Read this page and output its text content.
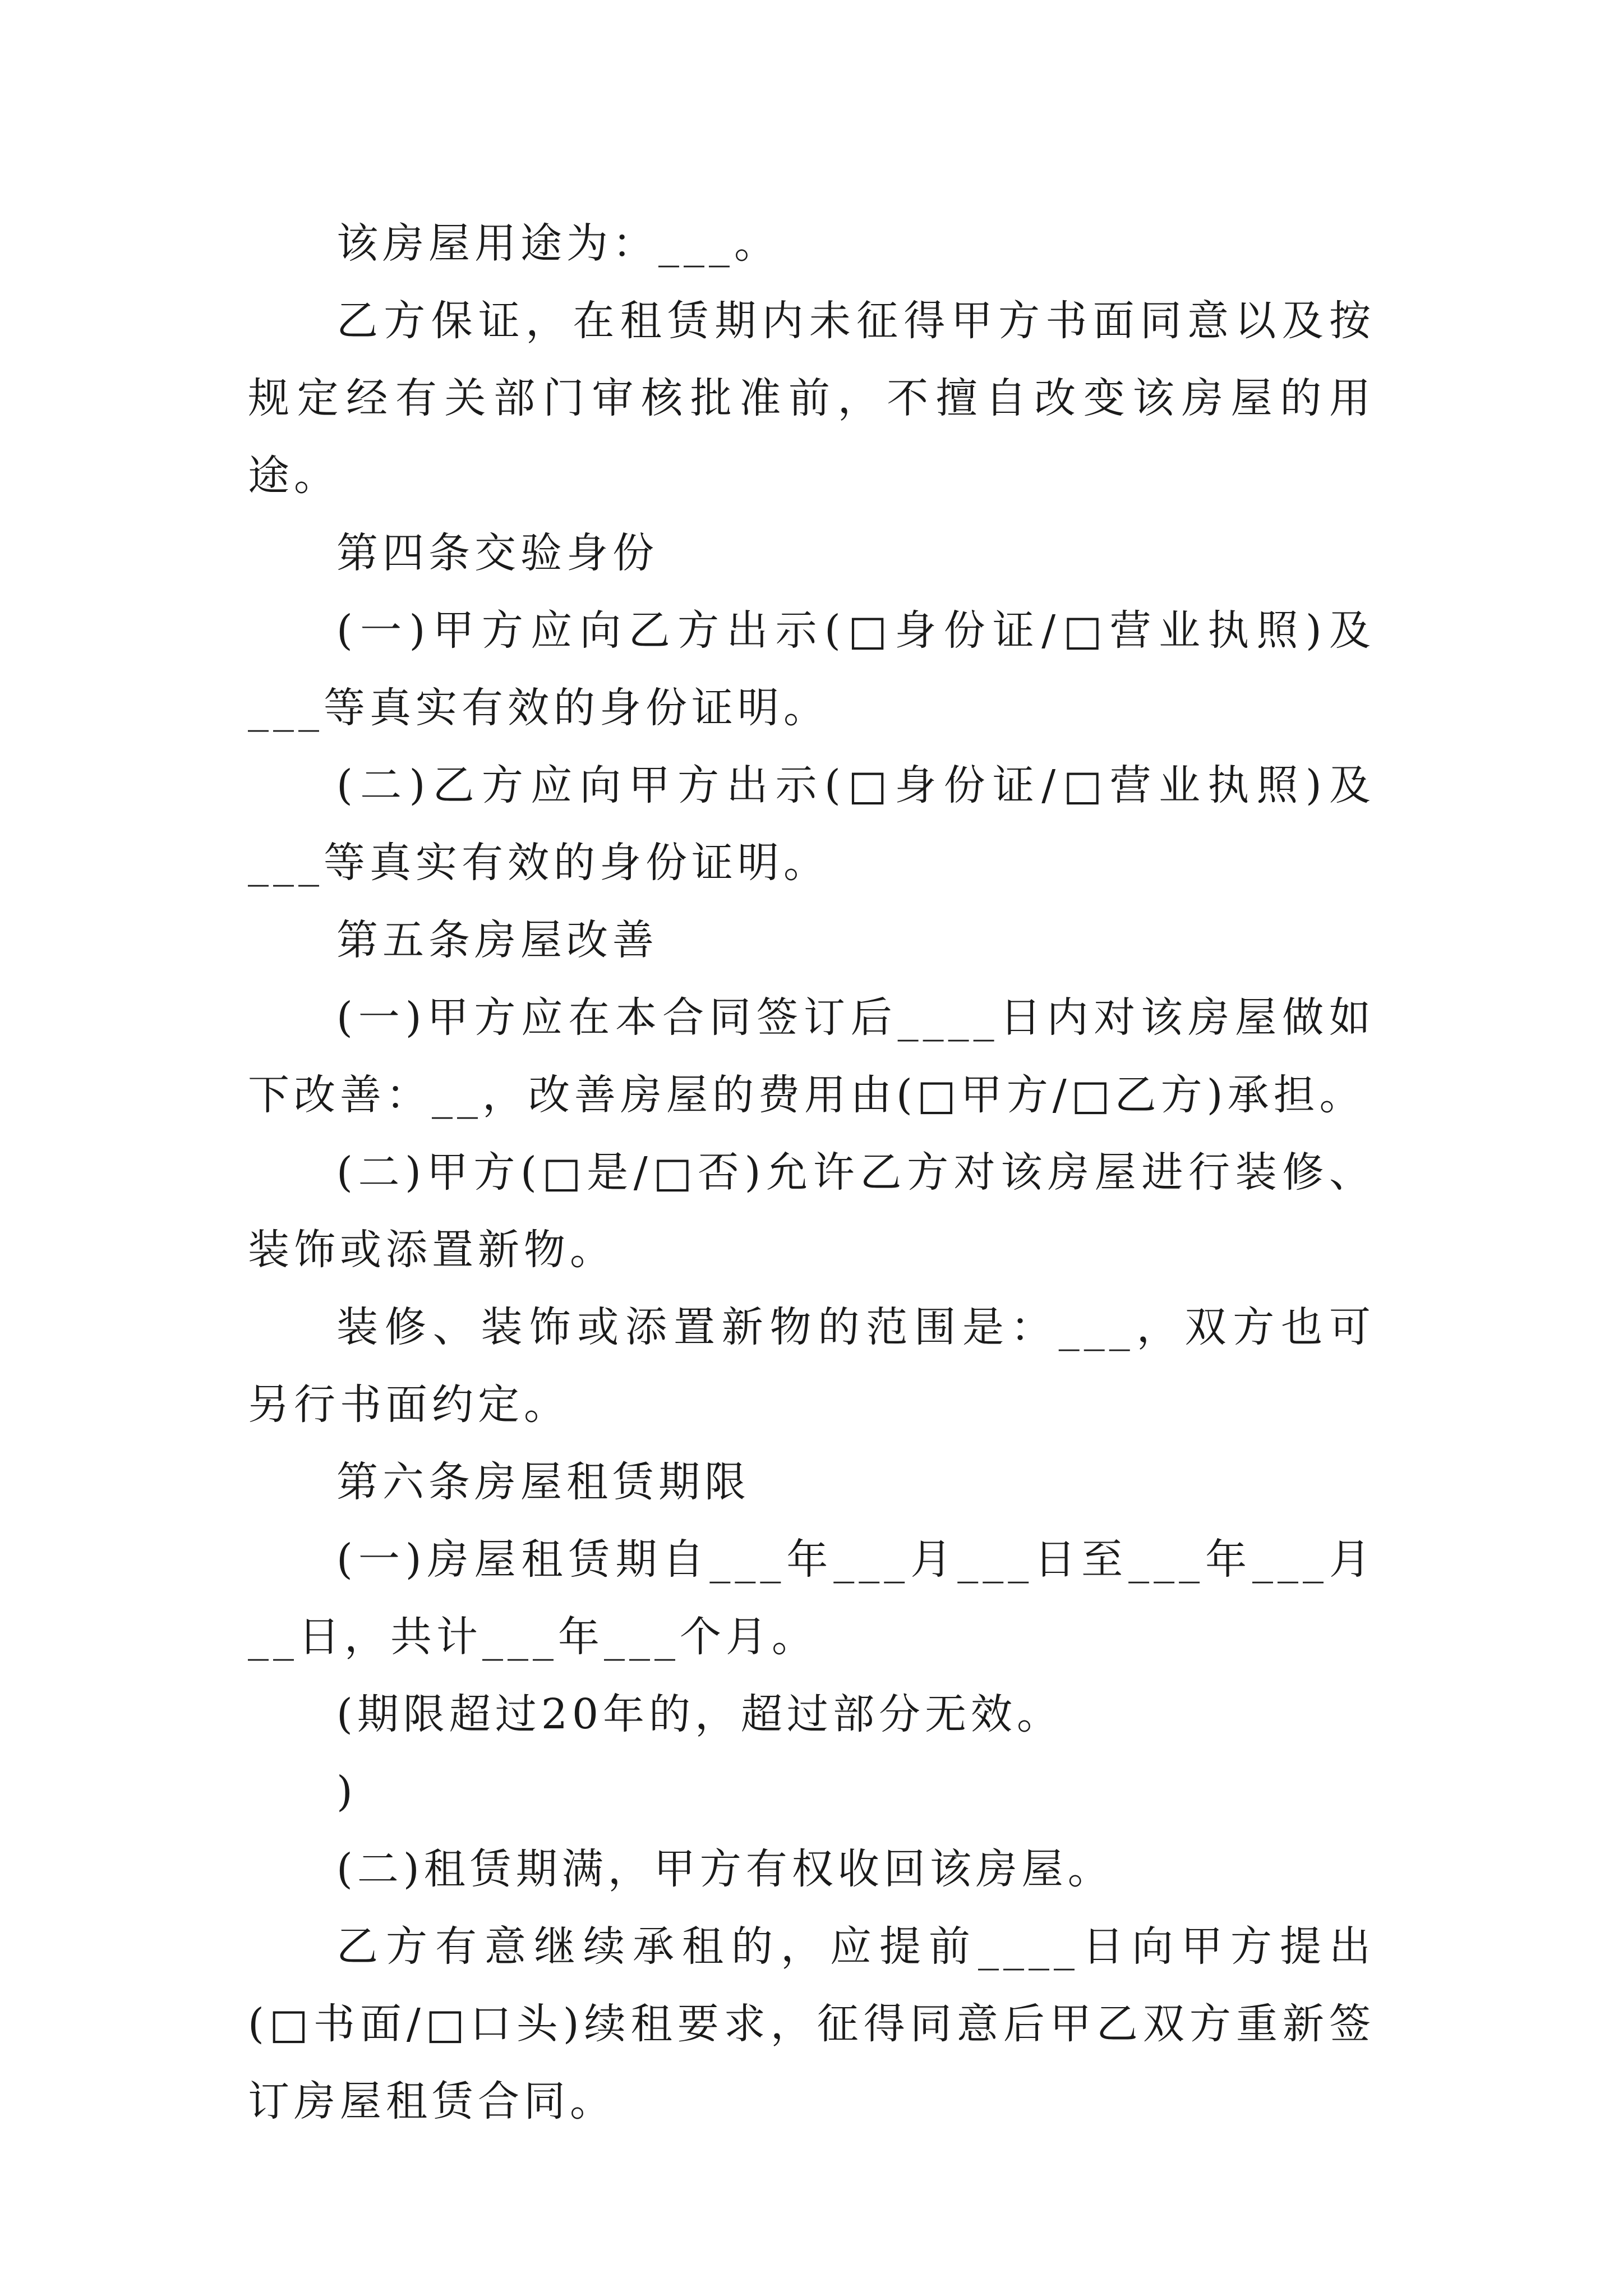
该房屋用途为：___。

乙方保证，在租赁期内未征得甲方书面同意以及按规定经有关部门审核批准前，不擅自改变该房屋的用途。

第四条交验身份

(一)甲方应向乙方出示(□身份证/□营业执照)及___等真实有效的身份证明。

(二)乙方应向甲方出示(□身份证/□营业执照)及___等真实有效的身份证明。

第五条房屋改善

(一)甲方应在本合同签订后____日内对该房屋做如下改善：__，改善房屋的费用由(□甲方/□乙方)承担。

(二)甲方(□是/□否)允许乙方对该房屋进行装修、装饰或添置新物。

装修、装饰或添置新物的范围是：___，双方也可另行书面约定。

第六条房屋租赁期限

(一)房屋租赁期自___年___月___日至___年___月__日，共计___年___个月。

(期限超过20年的，超过部分无效。

)

(二)租赁期满，甲方有权收回该房屋。

乙方有意继续承租的，应提前____日向甲方提出(□书面/□口头)续租要求，征得同意后甲乙双方重新签订房屋租赁合同。
